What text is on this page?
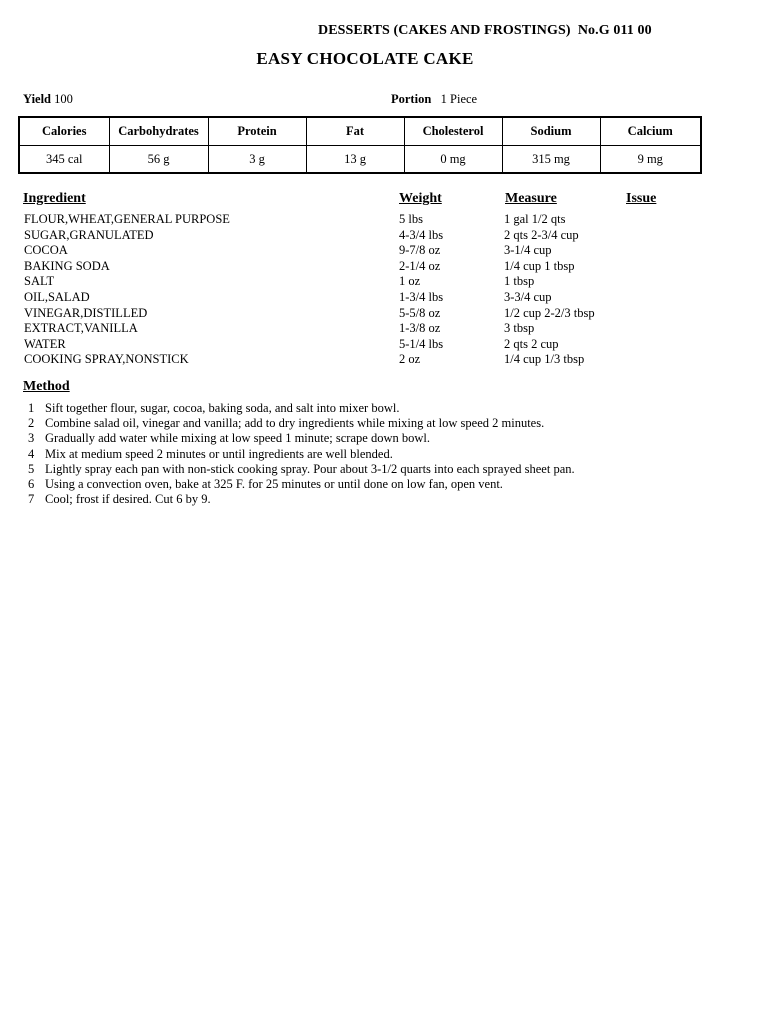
DESSERTS (CAKES AND FROSTINGS) No.G 011 00
EASY CHOCOLATE CAKE
Yield 100	Portion 1 Piece
Calories	Carbohydrates	Protein	Fat	Cholesterol	Sodium	Calcium
345 cal	56 g	3 g	13 g	0 mg	315 mg	9 mg
Ingredient	Weight	Measure	Issue
FLOUR,WHEAT,GENERAL PURPOSE	5 lbs	1 gal 1/2 qts
SUGAR,GRANULATED	4-3/4 lbs	2 qts 2-3/4 cup
COCOA	9-7/8 oz	3-1/4 cup
BAKING SODA	2-1/4 oz	1/4 cup 1 tbsp
SALT	1 oz	1 tbsp
OIL,SALAD	1-3/4 lbs	3-3/4 cup
VINEGAR,DISTILLED	5-5/8 oz	1/2 cup 2-2/3 tbsp
EXTRACT,VANILLA	1-3/8 oz	3 tbsp
WATER	5-1/4 lbs	2 qts 2 cup
COOKING SPRAY,NONSTICK	2 oz	1/4 cup 1/3 tbsp
Method
1 Sift together flour, sugar, cocoa, baking soda, and salt into mixer bowl.
2 Combine salad oil, vinegar and vanilla; add to dry ingredients while mixing at low speed 2 minutes.
3 Gradually add water while mixing at low speed 1 minute; scrape down bowl.
4 Mix at medium speed 2 minutes or until ingredients are well blended.
5 Lightly spray each pan with non-stick cooking spray. Pour about 3-1/2 quarts into each sprayed sheet pan.
6 Using a convection oven, bake at 325 F. for 25 minutes or until done on low fan, open vent.
7 Cool; frost if desired. Cut 6 by 9.
